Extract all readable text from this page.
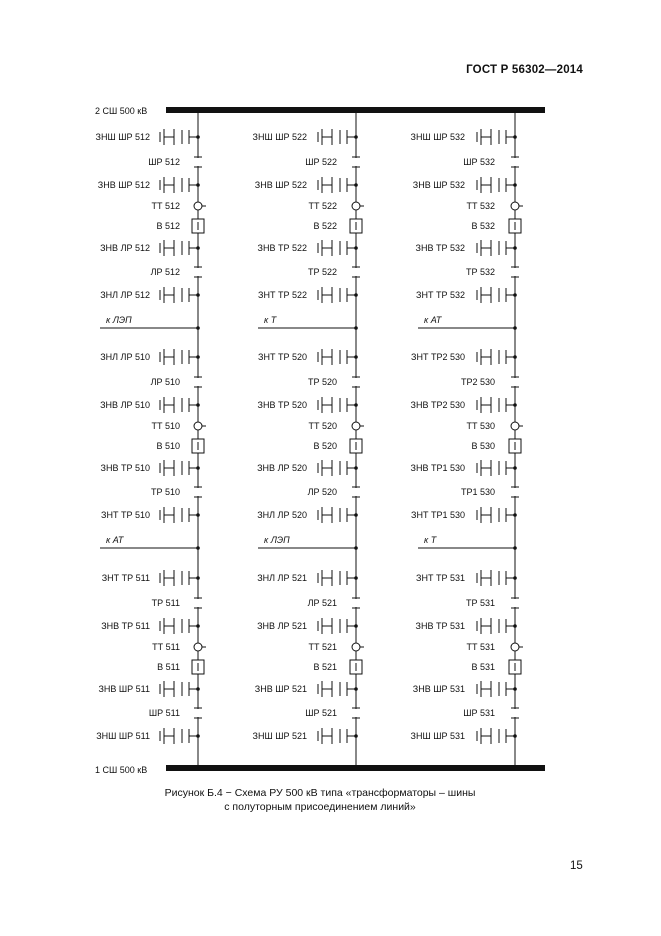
ГОСТ Р 56302—2014
2 СШ 500 кВ
1 СШ 500 кВ
ЗНШ ШР 512
ШР 512
ЗНВ ШР 512
ТТ 512
В 512
ЗНВ ЛР 512
ЛР 512
ЗНЛ ЛР 512
к ЛЭП
ЗНЛ ЛР 510
ЛР 510
ЗНВ ЛР 510
ТТ 510
В 510
ЗНВ ТР 510
ТР 510
ЗНТ ТР 510
к АТ
ЗНТ ТР 511
ТР 511
ЗНВ ТР 511
ТТ 511
В 511
ЗНВ ШР 511
ШР 511
ЗНШ ШР 511
ЗНШ ШР 522
ШР 522
ЗНВ ШР 522
ТТ 522
В 522
ЗНВ ТР 522
ТР 522
ЗНТ ТР 522
к Т
ЗНТ ТР 520
ТР 520
ЗНВ ТР 520
ТТ 520
В 520
ЗНВ ЛР 520
ЛР 520
ЗНЛ ЛР 520
к ЛЭП
ЗНЛ ЛР 521
ЛР 521
ЗНВ ЛР 521
ТТ 521
В 521
ЗНВ ШР 521
ШР 521
ЗНШ ШР 521
ЗНШ ШР 532
ШР 532
ЗНВ ШР 532
ТТ 532
В 532
ЗНВ ТР 532
ТР 532
ЗНТ ТР 532
к АТ
ЗНТ ТР2 530
ТР2 530
ЗНВ ТР2 530
ТТ 530
В 530
ЗНВ ТР1 530
ТР1 530
ЗНТ ТР1 530
к Т
ЗНТ ТР 531
ТР 531
ЗНВ ТР 531
ТТ 531
В 531
ЗНВ ШР 531
ШР 531
ЗНШ ШР 531
Рисунок Б.4 − Схема РУ 500 кВ типа «трансформаторы – шины
с полуторным присоединением линий»
15
